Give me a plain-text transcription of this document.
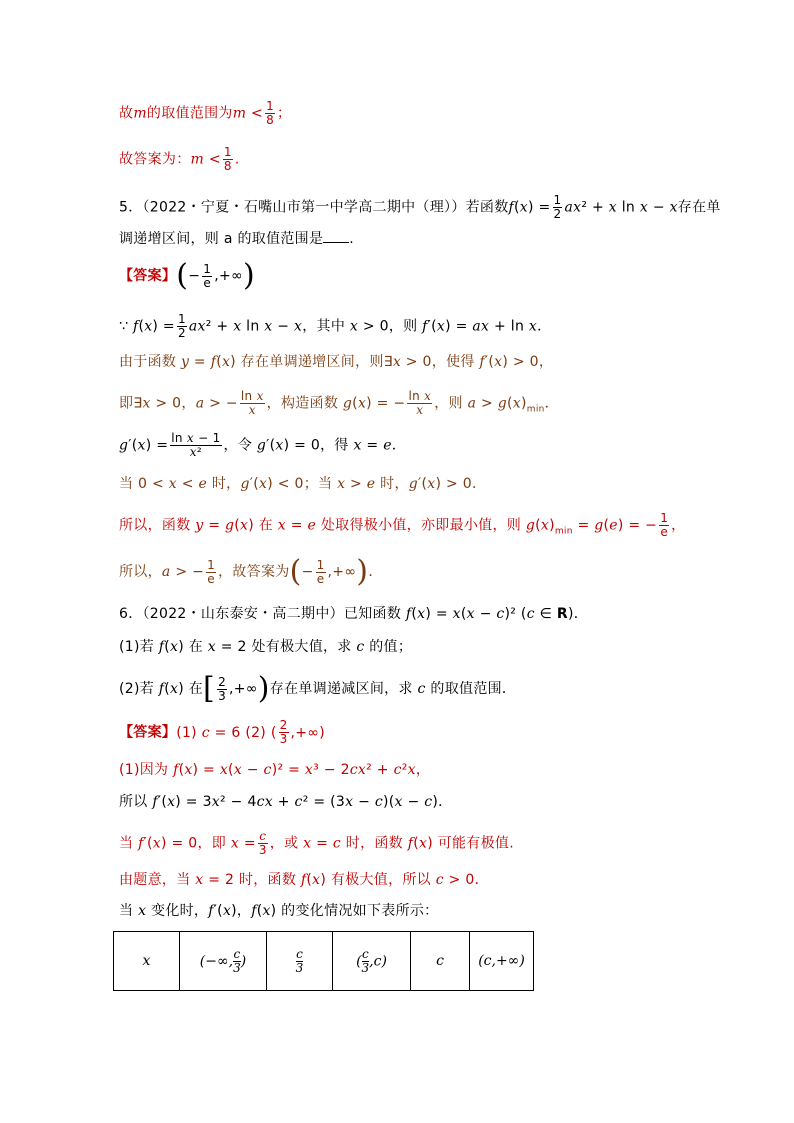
故m的取值范围为$m < \frac{1}{8}$ ；
故答案为：$m < \frac{1}{8}$ .
5．（2022・宁夏・石嘴山市第一中学高二期中（理））若函数$f(x) = \frac{1}{2} ax^2 + x$ ln x − x存在单
调递增区间，则 a 的取值范围是 .
【答案】(− $\frac{1}{e}$ ,+∞)
∵ $f(x) = \frac{1}{2} ax^2 + x$ ln x − x，其中 x > 0，则 f′(x) = ax + ln x．
由于函数 y = f(x) 存在单调递增区间，则∃x > 0，使得 f′(x) > 0，
即∃x > 0，a > − $\frac{\text{ln x}}{x}$ ，构造函数 g(x) = − $\frac{\text{ln x}}{x}$ ，则 $a > g(x)_{min}$．
$g'(x) = \frac{\text{ln x − 1}}{\text{x²}}$ ，令 g′(x) = 0，得 x = e．
当 0 < x < e 时，g′(x) < 0；当 x > e 时，g′(x) > 0．
所以，函数 y = g(x) 在 x = e 处取得极小值，亦即最小值，则 $g(x)_{min} = g(e)$ = − $\frac{1}{e}$ ，
所以，a > − $\frac{1}{e}$ ，故答案为(− $\frac{1}{e}$ ,+∞)．
6．（2022・山东泰安・高二期中）已知函数 f(x) = x(x − c)² (c ∈ R)．
(1)若 f(x) 在 x = 2 处有极大值，求 c 的值；
(2)若 f(x) 在[ $\frac{2}{3}$ ,+∞)存在单调递减区间，求 c 的取值范围．
【答案】(1) c = 6 (2) ( $\frac{2}{3}$ ,+∞)
(1)因为 f(x) = x(x − c)² = x³ − 2cx² + c²x，
所以 f′(x) = 3x² − 4cx + c² = (3x − c)(x − c)．
当 f′(x) = 0，即 $x = \frac{c}{3}$ ，或 x = c 时，函数 f(x) 可能有极值.
由题意，当 x = 2 时，函数 f(x) 有极大值，所以 c > 0．
当 x 变化时，f′(x)，f(x) 的变化情况如下表所示：
x	(−∞, $\frac{c}{3}$ )	$\frac{c}{3}$	( $\frac{c}{3} ,c$)	c	(c,+∞)
